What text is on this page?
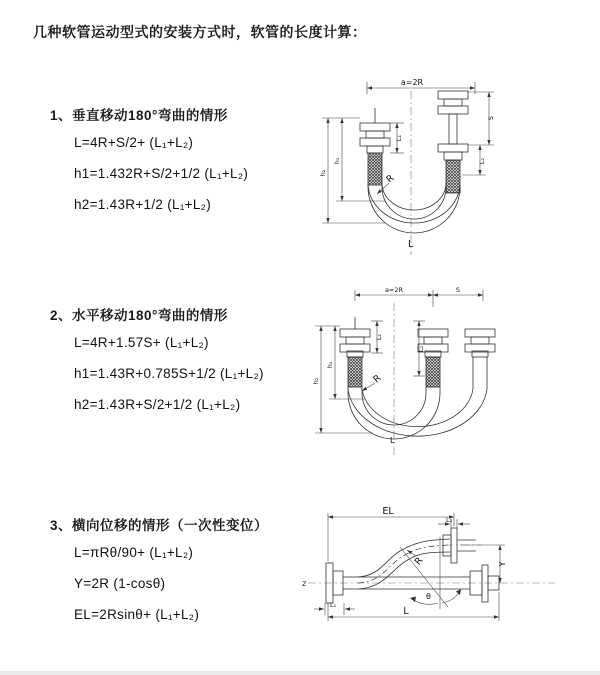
几种软管运动型式的安装方式时，软管的长度计算：
1、垂直移动180°弯曲的情形
L=4R+S/2+ (L₁+L₂)
h1=1.432R+S/2+1/2 (L₁+L₂)
h2=1.43R+1/2 (L₁+L₂)
2、水平移动180°弯曲的情形
L=4R+1.57S+ (L₁+L₂)
h1=1.43R+0.785S+1/2 (L₁+L₂)
h2=1.43R+S/2+1/2 (L₁+L₂)
3、横向位移的情形（一次性变位）
L=πRθ/90+ (L₁+L₂)
Y=2R (1-cosθ)
EL=2Rsinθ+ (L₁+L₂)
a=2R
h₂
h₁
L₁
S
L₂
R
L
a=2R	S
h₂
h₁
L₁
L₂
R
L
Z
EL
L₂
Y
L
L₁
R
θ
